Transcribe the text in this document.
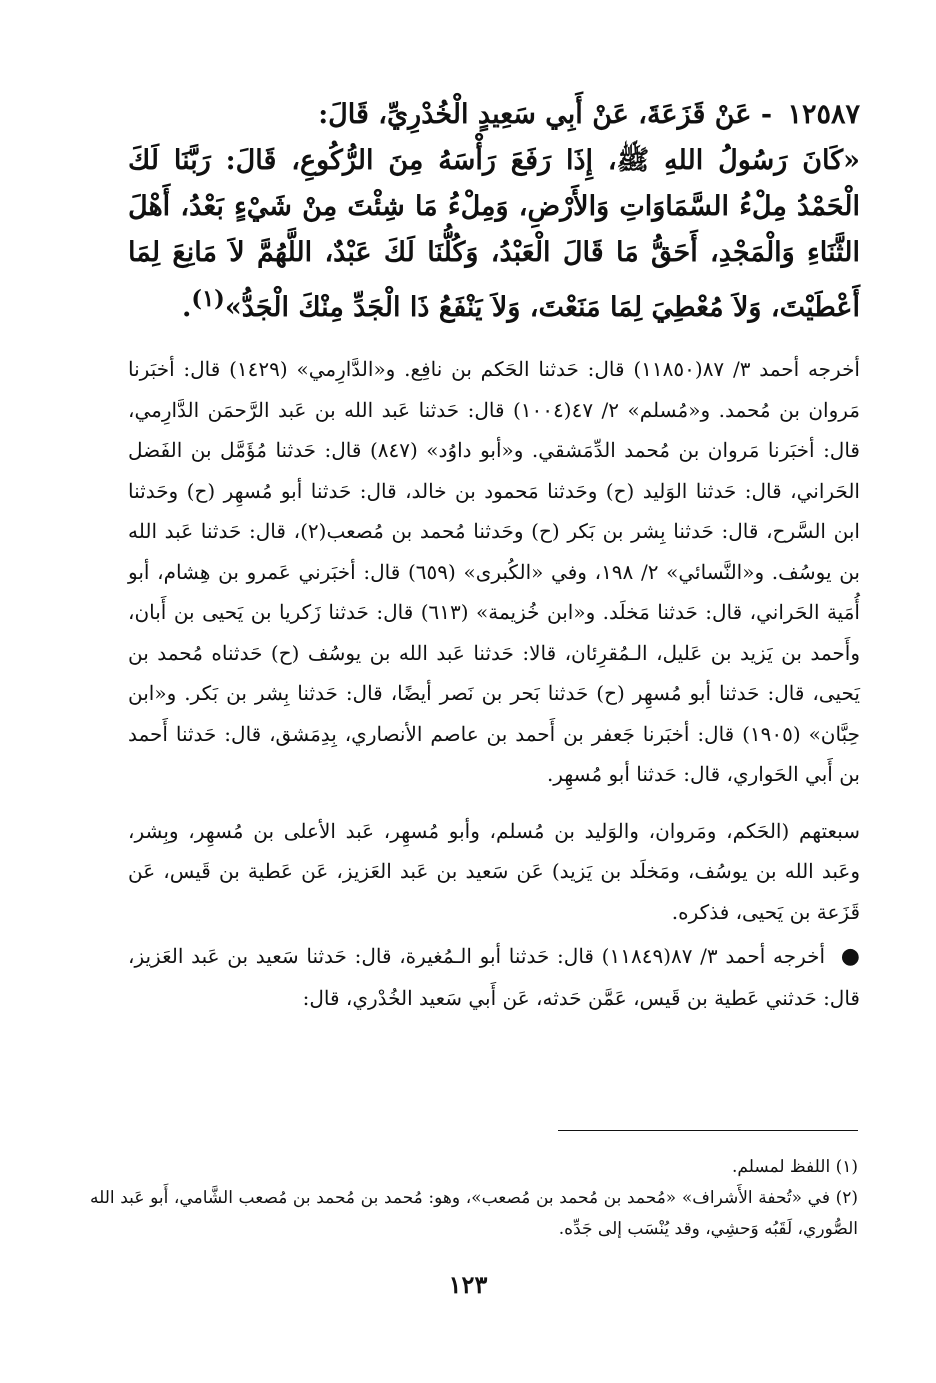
١٢٥٨٧ - عَنْ قَزَعَةَ، عَنْ أَبِي سَعِيدٍ الْخُدْرِيِّ، قَالَ:

«كَانَ رَسُولُ اللهِ ﷺ، إِذَا رَفَعَ رَأْسَهُ مِنَ الرُّكُوعِ، قَالَ: رَبَّنَا لَكَ الْحَمْدُ مِلْءُ السَّمَاوَاتِ وَالأَرْضِ، وَمِلْءُ مَا شِئْتَ مِنْ شَيْءٍ بَعْدُ، أَهْلَ الثَّنَاءِ وَالْمَجْدِ، أَحَقُّ مَا قَالَ الْعَبْدُ، وَكُلُّنَا لَكَ عَبْدٌ، اللَّهُمَّ لاَ مَانِعَ لِمَا أَعْطَيْتَ، وَلاَ مُعْطِيَ لِمَا مَنَعْتَ، وَلاَ يَنْفَعُ ذَا الْجَدِّ مِنْكَ الْجَدُّ»$^{(١)}$.

أخرجه أحمد ٣/ ٨٧(١١٨٥٠) قال: حَدثنا الحَكم بن نافِع. و«الدَّارِمي» (١٤٢٩) قال: أخبَرنا مَروان بن مُحمد. و«مُسلم» ٢/ ٤٧(١٠٠٤) قال: حَدثنا عَبد الله بن عَبد الرَّحمَن الدَّارِمي، قال: أخبَرنا مَروان بن مُحمد الدِّمَشقي. و«أبو داوُد» (٨٤٧) قال: حَدثنا مُؤَمَّل بن الفَضل الحَراني، قال: حَدثنا الوَليد (ح) وحَدثنا مَحمود بن خالد، قال: حَدثنا أبو مُسهِر (ح) وحَدثنا ابن السَّرح، قال: حَدثنا بِشر بن بَكر (ح) وحَدثنا مُحمد بن مُصعب(٢)، قال: حَدثنا عَبد الله بن يوسُف. و«النَّسائي» ٢/ ١٩٨، وفي «الكُبرى» (٦٥٩) قال: أخبَرني عَمرو بن هِشام، أبو أُمَية الحَراني، قال: حَدثنا مَخلَد. و«ابن خُزيمة» (٦١٣) قال: حَدثنا زَكريا بن يَحيى بن أَبان، وأَحمد بن يَزيد بن عَليل، الـمُقرِئان، قالا: حَدثنا عَبد الله بن يوسُف (ح) حَدثناه مُحمد بن يَحيى، قال: حَدثنا أبو مُسهِر (ح) حَدثنا بَحر بن نَصر أيضًا، قال: حَدثنا بِشر بن بَكر. و«ابن حِبَّان» (١٩٠٥) قال: أخبَرنا جَعفر بن أَحمد بن عاصم الأنصاري، بِدِمَشق، قال: حَدثنا أَحمد بن أَبي الحَواري، قال: حَدثنا أبو مُسهِر.

سبعتهم (الحَكم، ومَروان، والوَليد بن مُسلم، وأبو مُسهِر، عَبد الأعلى بن مُسهِر، وبِشر، وعَبد الله بن يوسُف، ومَخلَد بن يَزيد) عَن سَعيد بن عَبد العَزيز، عَن عَطية بن قَيس، عَن قَزَعة بن يَحيى، فذكره.

● أخرجه أحمد ٣/ ٨٧(١١٨٤٩) قال: حَدثنا أبو الـمُغيرة، قال: حَدثنا سَعيد بن عَبد العَزيز، قال: حَدثني عَطية بن قَيس، عَمَّن حَدثه، عَن أَبي سَعيد الخُدْري، قال:

(١) اللفظ لمسلم.

(٢) في «تُحفة الأَشراف» «مُحمد بن مُحمد بن مُصعب»، وهو: مُحمد بن مُحمد بن مُصعب الشَّامي، أَبو عَبد الله الصُّوري، لَقَبُه وَحشِي، وقد يُنْسَب إلى جَدِّه.

١٢٣
